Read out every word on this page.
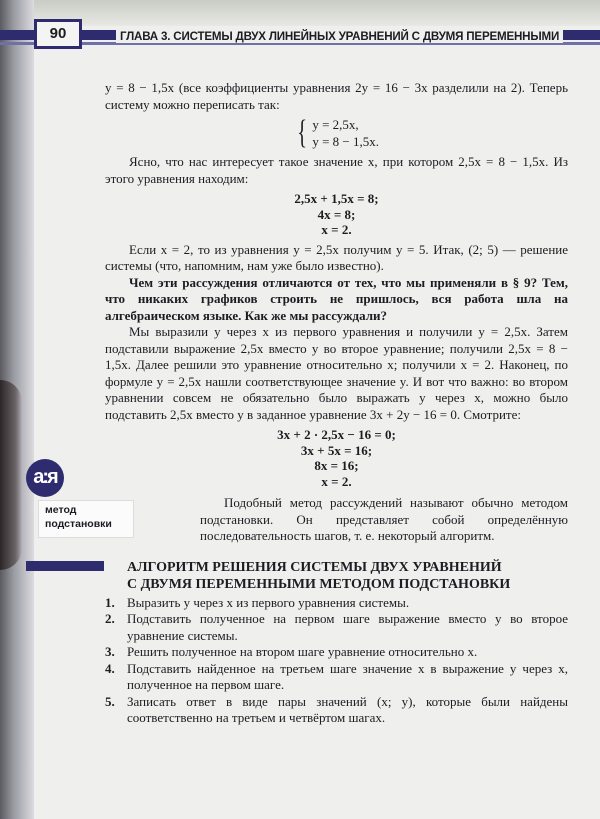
90	ГЛАВА 3. СИСТЕМЫ ДВУХ ЛИНЕЙНЫХ УРАВНЕНИЙ С ДВУМЯ ПЕРЕМЕННЫМИ

y = 8 − 1,5x (все коэффициенты уравнения 2y = 16 − 3x разделили на 2). Теперь систему можно переписать так:

{ y = 2,5x,
y = 8 − 1,5x.

Ясно, что нас интересует такое значение x, при котором 2,5x = 8 − 1,5x. Из этого уравнения находим:

2,5x + 1,5x = 8;
4x = 8;
x = 2.

Если x = 2, то из уравнения y = 2,5x получим y = 5. Итак, (2; 5) — решение системы (что, напомним, нам уже было известно).

Чем эти рассуждения отличаются от тех, что мы применяли в § 9? Тем, что никаких графиков строить не пришлось, вся работа шла на алгебраическом языке. Как же мы рассуждали?

Мы выразили y через x из первого уравнения и получили y = 2,5x. Затем подставили выражение 2,5x вместо y во второе уравнение; получили 2,5x = 8 − 1,5x. Далее решили это уравнение относительно x; получили x = 2. Наконец, по формуле y = 2,5x нашли соответствующее значение y. И вот что важно: во втором уравнении совсем не обязательно было выражать y через x, можно было подставить 2,5x вместо y в заданное уравнение 3x + 2y − 16 = 0. Смотрите:

3x + 2 · 2,5x − 16 = 0;
3x + 5x = 16;
8x = 16;
x = 2.
а:я
метод
подстановки

Подобный метод рассуждений называют обычно методом подстановки. Он представляет собой определённую последовательность шагов, т. е. некоторый алгоритм.

АЛГОРИТМ РЕШЕНИЯ СИСТЕМЫ ДВУХ УРАВНЕНИЙ
С ДВУМЯ ПЕРЕМЕННЫМИ МЕТОДОМ ПОДСТАНОВКИ
1. Выразить y через x из первого уравнения системы.
2. Подставить полученное на первом шаге выражение вместо y во второе уравнение системы.
3. Решить полученное на втором шаге уравнение относительно x.
4. Подставить найденное на третьем шаге значение x в выражение y через x, полученное на первом шаге.
5. Записать ответ в виде пары значений (x; y), которые были найдены соответственно на третьем и четвёртом шагах.
